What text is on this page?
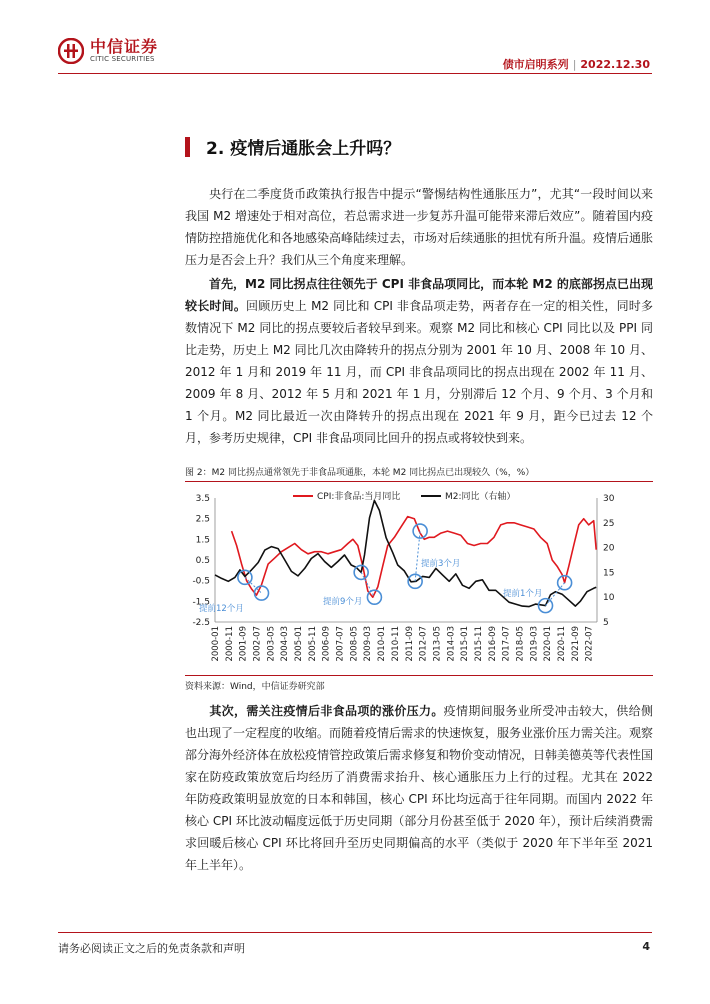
中信证券
CITIC SECURITIES	债市启明系列 | 2022.12.30
2. 疫情后通胀会上升吗？
央行在二季度货币政策执行报告中提示“警惕结构性通胀压力”，尤其“一段时间以来我国 M2 增速处于相对高位，若总需求进一步复苏升温可能带来滞后效应”。随着国内疫情防控措施优化和各地感染高峰陆续过去，市场对后续通胀的担忧有所升温。疫情后通胀压力是否会上升？我们从三个角度来理解。
首先，M2 同比拐点往往领先于 CPI 非食品项同比，而本轮 M2 的底部拐点已出现较长时间。回顾历史上 M2 同比和 CPI 非食品项走势，两者存在一定的相关性，同时多数情况下 M2 同比的拐点要较后者较早到来。观察 M2 同比和核心 CPI 同比以及 PPI 同比走势，历史上 M2 同比几次由降转升的拐点分别为 2001 年 10 月、2008 年 10 月、2012 年 1 月和 2019 年 11 月，而 CPI 非食品项同比的拐点出现在 2002 年 11 月、2009 年 8 月、2012 年 5 月和 2021 年 1 月，分别滞后 12 个月、9 个月、3 个月和 1 个月。M2 同比最近一次由降转升的拐点出现在 2021 年 9 月，距今已过去 12 个月，参考历史规律，CPI 非食品项同比回升的拐点或将较快到来。
图 2：M2 同比拐点通常领先于非食品项通胀，本轮 M2 同比拐点已出现较久（%，%）
3.5
2.5
1.5
0.5
-0.5
-1.5
-2.5
30
25
20
15
10
5
2000-01 2000-11 2001-09 2002-07 2003-05 2004-03 2005-01 2005-11 2006-09 2007-07 2008-05 2009-03 2010-01 2010-11 2011-09 2012-07 2013-05 2014-03 2015-01 2015-11 2016-09 2017-07 2018-05 2019-03 2020-01 2020-11 2021-09 2022-07
CPI:非食品:当月同比	M2:同比（右轴）
提前12个月
提前9个月
提前3个月
提前1个月
资料来源：Wind，中信证券研究部
其次，需关注疫情后非食品项的涨价压力。疫情期间服务业所受冲击较大，供给侧也出现了一定程度的收缩。而随着疫情后需求的快速恢复，服务业涨价压力需关注。观察部分海外经济体在放松疫情管控政策后需求修复和物价变动情况，日韩美德英等代表性国家在防疫政策放宽后均经历了消费需求抬升、核心通胀压力上行的过程。尤其在 2022 年防疫政策明显放宽的日本和韩国，核心 CPI 环比均远高于往年同期。而国内 2022 年核心 CPI 环比波动幅度远低于历史同期（部分月份甚至低于 2020 年），预计后续消费需求回暖后核心 CPI 环比将回升至历史同期偏高的水平（类似于 2020 年下半年至 2021 年上半年）。
请务必阅读正文之后的免责条款和声明	4
